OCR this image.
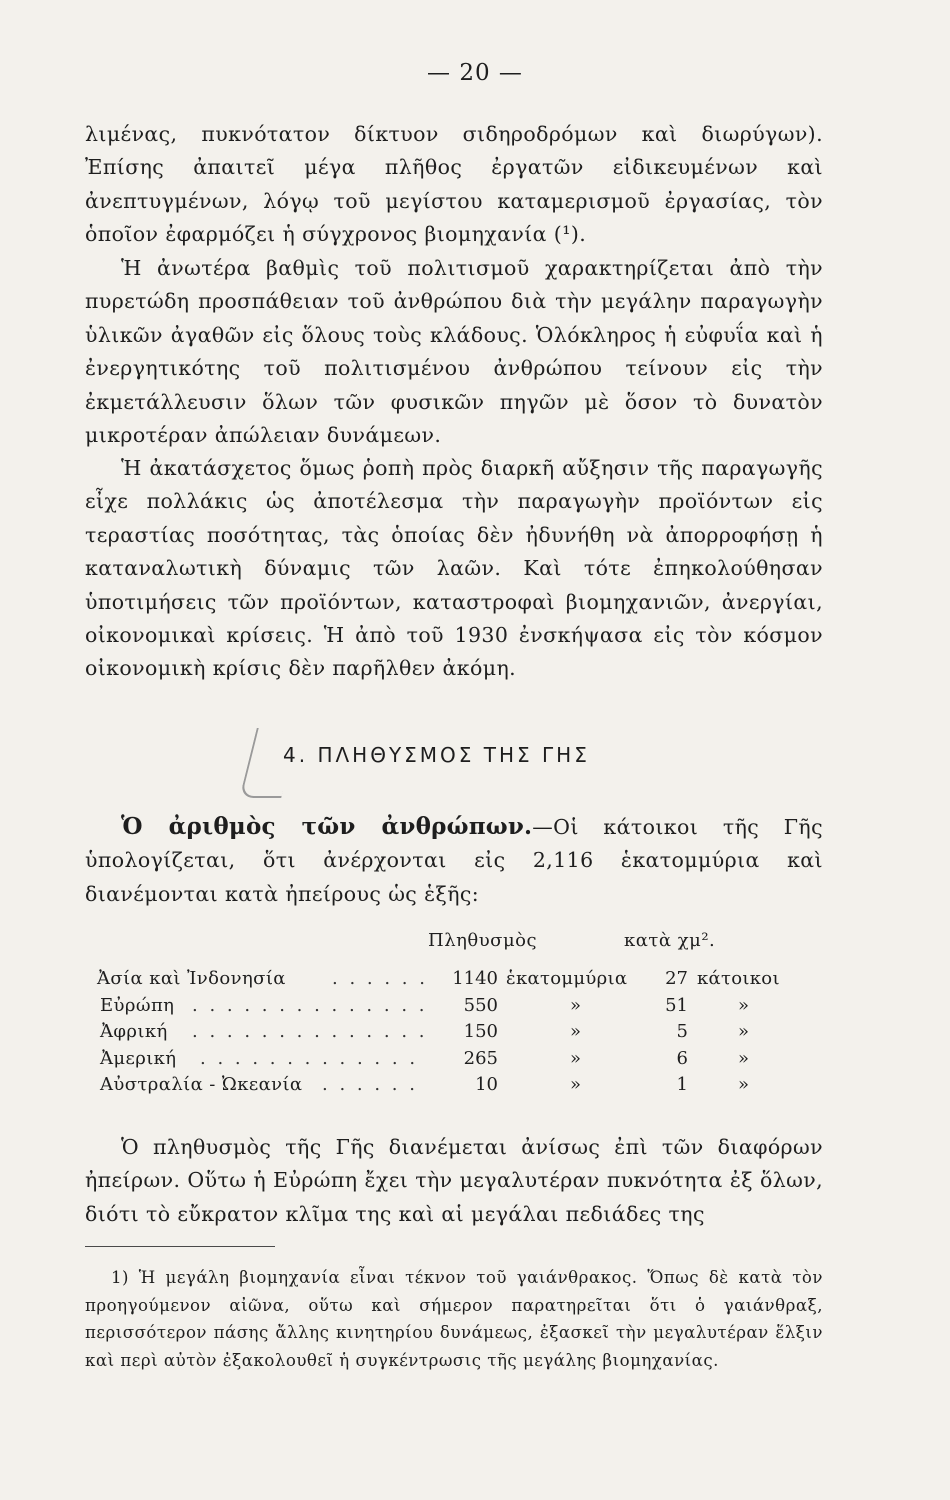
— 20 —

λιμένας, πυκνότατον δίκτυον σιδηροδρόμων καὶ διωρύγων). Ἐπίσης ἀπαιτεῖ μέγα πλῆθος ἐργατῶν εἰδικευμένων καὶ ἀνεπτυγμένων, λόγῳ τοῦ μεγίστου καταμερισμοῦ ἐργασίας, τὸν ὁποῖον ἐφαρμόζει ἡ σύγχρονος βιομηχανία (¹).

Ἡ ἀνωτέρα βαθμὶς τοῦ πολιτισμοῦ χαρακτηρίζεται ἀπὸ τὴν πυρετώδη προσπάθειαν τοῦ ἀνθρώπου διὰ τὴν μεγάλην παραγωγὴν ὑλικῶν ἀγαθῶν εἰς ὅλους τοὺς κλάδους. Ὁλόκληρος ἡ εὐφυΐα καὶ ἡ ἐνεργητικότης τοῦ πολιτισμένου ἀνθρώπου τείνουν εἰς τὴν ἐκμετάλλευσιν ὅλων τῶν φυσικῶν πηγῶν μὲ ὅσον τὸ δυνατὸν μικροτέραν ἀπώλειαν δυνάμεων.

Ἡ ἀκατάσχετος ὅμως ῥοπὴ πρὸς διαρκῆ αὔξησιν τῆς παραγωγῆς εἶχε πολλάκις ὡς ἀποτέλεσμα τὴν παραγωγὴν προϊόντων εἰς τεραστίας ποσότητας, τὰς ὁποίας δὲν ἠδυνήθη νὰ ἀπορροφήσῃ ἡ καταναλωτικὴ δύναμις τῶν λαῶν. Καὶ τότε ἐπηκολούθησαν ὑποτιμήσεις τῶν προϊόντων, καταστροφαὶ βιομηχανιῶν, ἀνεργίαι, οἰκονομικαὶ κρίσεις. Ἡ ἀπὸ τοῦ 1930 ἐνσκήψασα εἰς τὸν κόσμον οἰκονομικὴ κρίσις δὲν παρῆλθεν ἀκόμη.

4. ΠΛΗΘΥΣΜΟΣ ΤΗΣ ΓΗΣ

Ὁ ἀριθμὸς τῶν ἀνθρώπων.—Οἱ κάτοικοι τῆς Γῆς ὑπολογίζεται, ὅτι ἀνέρχονται εἰς 2,116 ἑκατομμύρια καὶ διανέμονται κατὰ ἠπείρους ὡς ἑξῆς:

Πληθυσμὸς	κατὰ χμ².
Ἀσία καὶ Ἰνδονησία	. . . . . .	1140 ἑκατομμύρια	27 κάτοικοι
Εὐρώπη . . . . . . . . . . . . . .	550	»	51	»
Ἀφρική . . . . . . . . . . . . . .	150	»	5	»
Ἀμερική . . . . . . . . . . . . .	265	»	6	»
Αὐστραλία - Ὠκεανία . . . . . .	10	»	1	»

Ὁ πληθυσμὸς τῆς Γῆς διανέμεται ἀνίσως ἐπὶ τῶν διαφόρων ἠπείρων. Οὕτω ἡ Εὐρώπη ἔχει τὴν μεγαλυτέραν πυκνότητα ἐξ ὅλων, διότι τὸ εὔκρατον κλῖμα της καὶ αἱ μεγάλαι πεδιάδες της

1) Ἡ μεγάλη βιομηχανία εἶναι τέκνον τοῦ γαιάνθρακος. Ὅπως δὲ κατὰ τὸν προηγούμενον αἰῶνα, οὕτω καὶ σήμερον παρατηρεῖται ὅτι ὁ γαιάνθραξ, περισσότερον πάσης ἄλλης κινητηρίου δυνάμεως, ἐξασκεῖ τὴν μεγαλυτέραν ἕλξιν καὶ περὶ αὐτὸν ἐξακολουθεῖ ἡ συγκέντρωσις τῆς μεγάλης βιομηχανίας.
